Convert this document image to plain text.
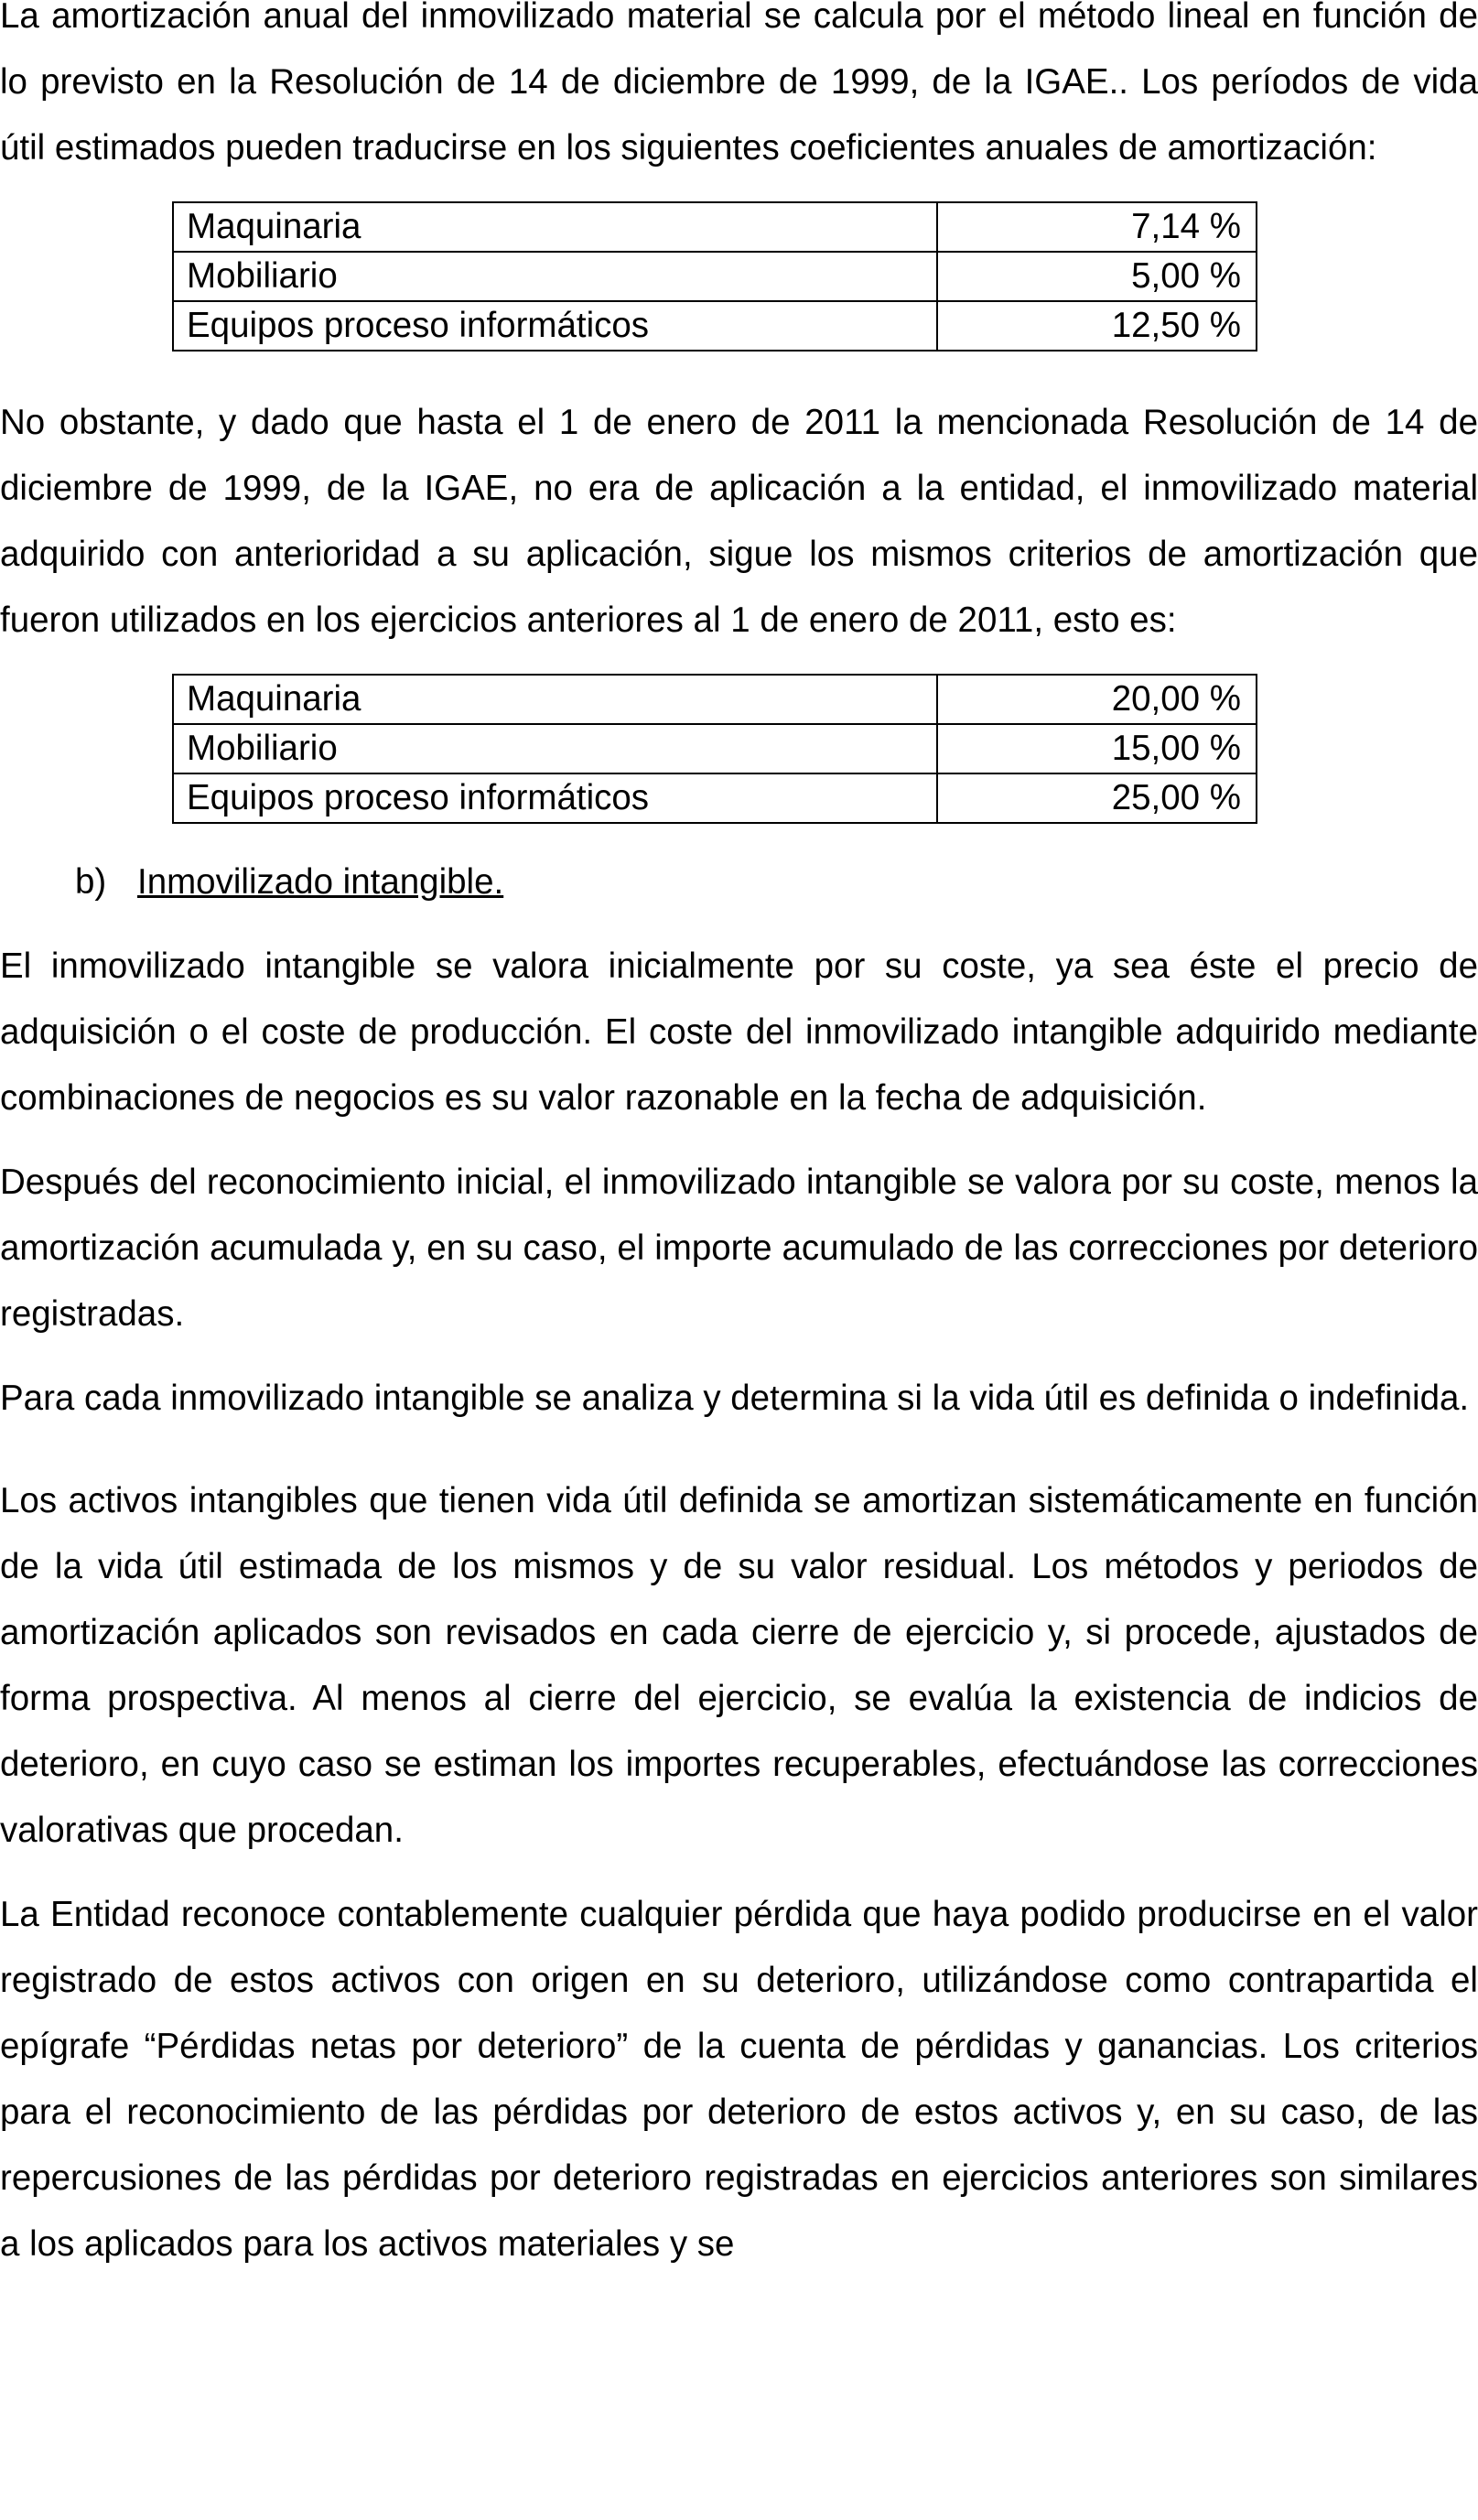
La amortización anual del inmovilizado material se calcula por el método lineal en función de lo previsto en la Resolución de 14 de diciembre de 1999, de la IGAE.. Los períodos de vida útil estimados pueden traducirse en los siguientes coeficientes anuales de amortización:

Maquinaria	7,14 %
Mobiliario	5,00 %
Equipos proceso informáticos	12,50 %

No obstante, y dado que hasta el 1 de enero de 2011 la mencionada Resolución de 14 de diciembre de 1999, de la IGAE, no era de aplicación a la entidad, el inmovilizado material adquirido con anterioridad a su aplicación, sigue los mismos criterios de amortización que fueron utilizados en los ejercicios anteriores al 1 de enero de 2011, esto es:

Maquinaria	20,00 %
Mobiliario	15,00 %
Equipos proceso informáticos	25,00 %
b) Inmovilizado intangible.

El inmovilizado intangible se valora inicialmente por su coste, ya sea éste el precio de adquisición o el coste de producción. El coste del inmovilizado intangible adquirido mediante combinaciones de negocios es su valor razonable en la fecha de adquisición.

Después del reconocimiento inicial, el inmovilizado intangible se valora por su coste, menos la amortización acumulada y, en su caso, el importe acumulado de las correcciones por deterioro registradas.

Para cada inmovilizado intangible se analiza y determina si la vida útil es definida o indefinida.

Los activos intangibles que tienen vida útil definida se amortizan sistemáticamente en función de la vida útil estimada de los mismos y de su valor residual. Los métodos y periodos de amortización aplicados son revisados en cada cierre de ejercicio y, si procede, ajustados de forma prospectiva. Al menos al cierre del ejercicio, se evalúa la existencia de indicios de deterioro, en cuyo caso se estiman los importes recuperables, efectuándose las correcciones valorativas que procedan.

La Entidad reconoce contablemente cualquier pérdida que haya podido producirse en el valor registrado de estos activos con origen en su deterioro, utilizándose como contrapartida el epígrafe “Pérdidas netas por deterioro” de la cuenta de pérdidas y ganancias. Los criterios para el reconocimiento de las pérdidas por deterioro de estos activos y, en su caso, de las repercusiones de las pérdidas por deterioro registradas en ejercicios anteriores son similares a los aplicados para los activos materiales y se
